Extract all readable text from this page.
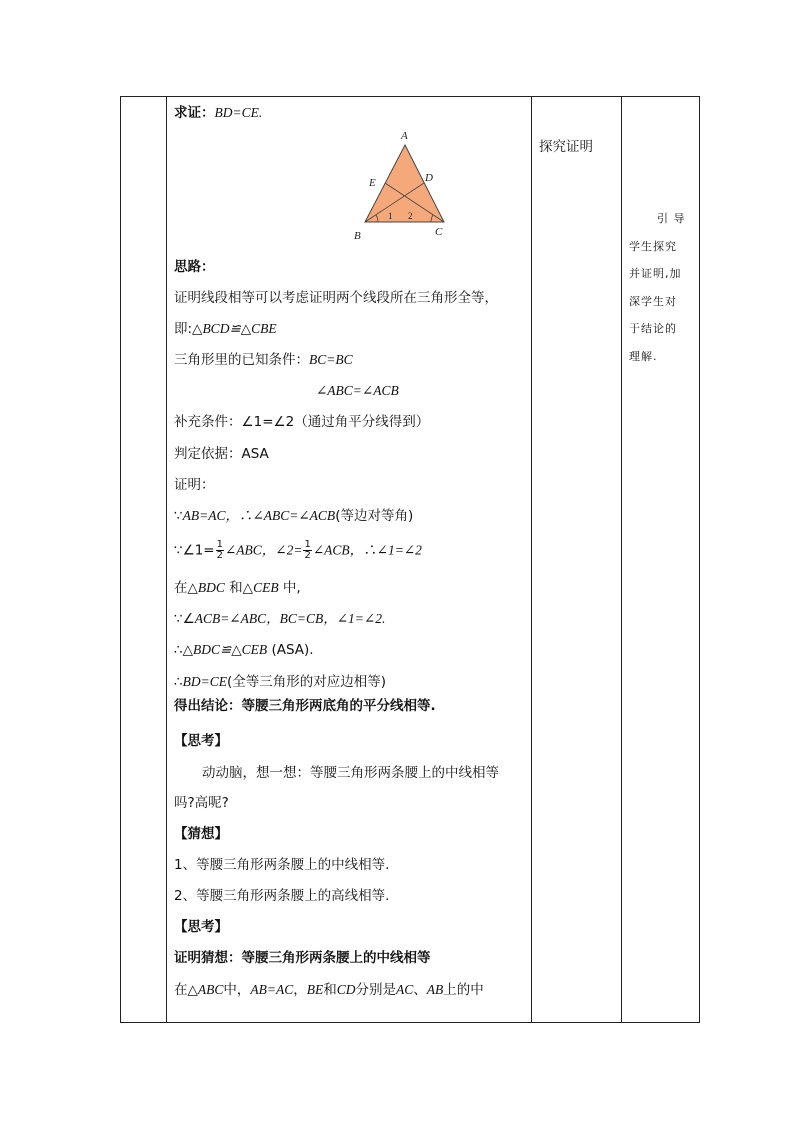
求证：BD=CE.
A
B	C
D
E
1 2
思路：
证明线段相等可以考虑证明两个线段所在三角形全等，
即:△BCD≌△CBE
三角形里的已知条件：BC=BC
∠ABC=∠ACB
补充条件：∠1=∠2（通过角平分线得到）
判定依据：ASA
证明：
∵AB=AC，∴∠ABC=∠ACB(等边对等角)
∵∠1= $\frac{1}{2}$ ∠ABC，∠2= $\frac{1}{2}$ ∠ACB，∴∠1=∠2
在△BDC 和△CEB 中,
∵∠ACB=∠ABC，BC=CB，∠1=∠2.
∴△BDC≌△CEB (ASA).
∴BD=CE(全等三角形的对应边相等)
得出结论：等腰三角形两底角的平分线相等.
【思考】
动动脑，想一想：等腰三角形两条腰上的中线相等
吗?高呢?
【猜想】
1、等腰三角形两条腰上的中线相等.
2、等腰三角形两条腰上的高线相等.
【思考】
证明猜想：等腰三角形两条腰上的中线相等
在△ABC中，AB=AC，BE和CD分别是AC、AB上的中
探究证明

引 导

学生探究

并证明,加

深学生对

于结论的

理解.
